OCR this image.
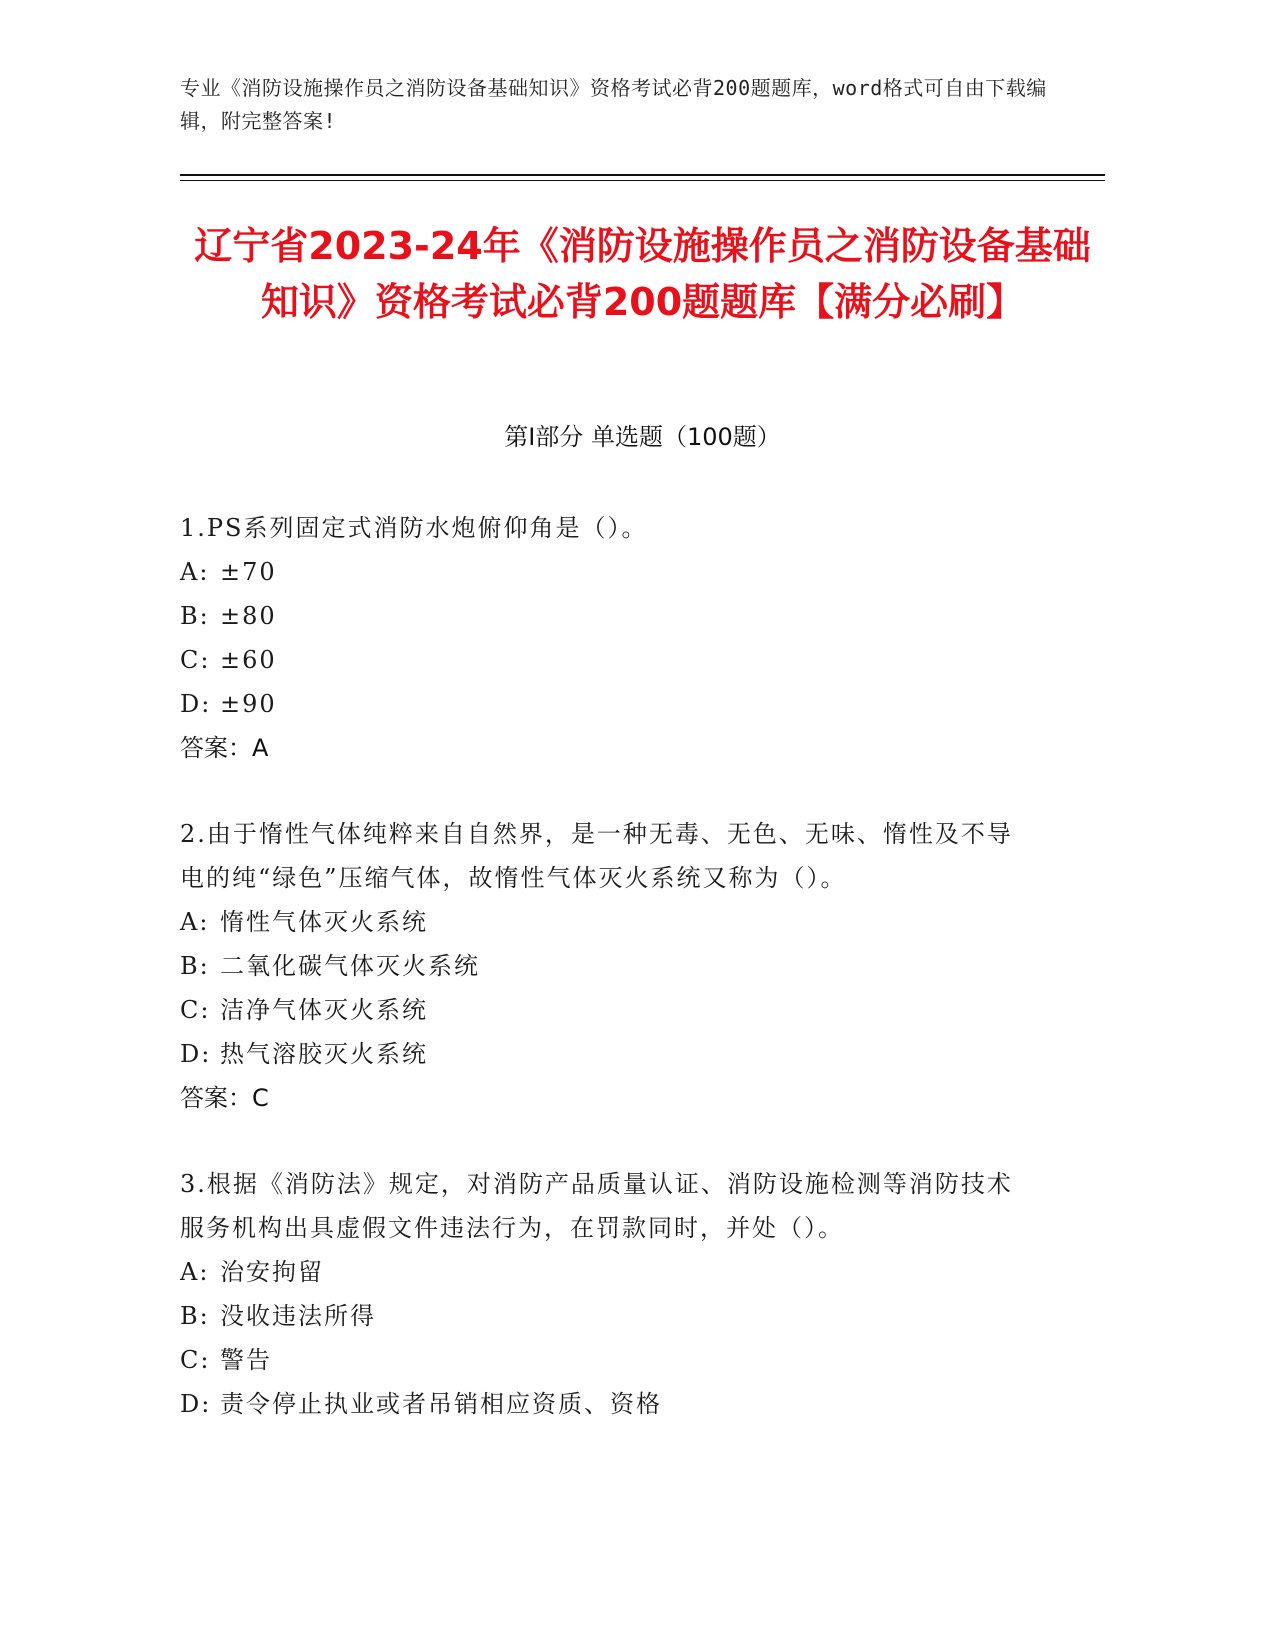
专业《消防设施操作员之消防设备基础知识》资格考试必背200题题库，word格式可自由下载编辑，附完整答案!
辽宁省2023-24年《消防设施操作员之消防设备基础知识》资格考试必背200题题库【满分必刷】
第Ⅰ部分 单选题（100题）
1.PS系列固定式消防水炮俯仰角是（）。
A: ±70
B: ±80
C: ±60
D: ±90
答案：A
2.由于惰性气体纯粹来自自然界，是一种无毒、无色、无味、惰性及不导电的纯“绿色”压缩气体，故惰性气体灭火系统又称为（）。
A: 惰性气体灭火系统
B: 二氧化碳气体灭火系统
C: 洁净气体灭火系统
D: 热气溶胶灭火系统
答案：C
3.根据《消防法》规定，对消防产品质量认证、消防设施检测等消防技术服务机构出具虚假文件违法行为，在罚款同时，并处（）。
A: 治安拘留
B: 没收违法所得
C: 警告
D: 责令停止执业或者吊销相应资质、资格
